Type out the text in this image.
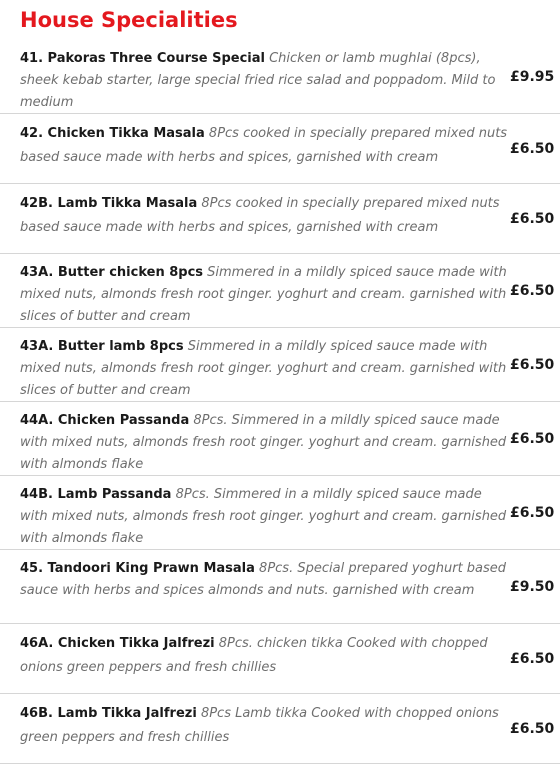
House Specialities
41. Pakoras Three Course Special Chicken or lamb mughlai (8pcs), sheek kebab starter, large special fried rice salad and poppadom. Mild to medium
£9.95
42. Chicken Tikka Masala 8Pcs cooked in specially prepared mixed nuts based sauce made with herbs and spices, garnished with cream
£6.50
42B. Lamb Tikka Masala 8Pcs cooked in specially prepared mixed nuts based sauce made with herbs and spices, garnished with cream
£6.50
43A. Butter chicken 8pcs Simmered in a mildly spiced sauce made with mixed nuts, almonds fresh root ginger. yoghurt and cream. garnished with slices of butter and cream
£6.50
43A. Butter lamb 8pcs Simmered in a mildly spiced sauce made with mixed nuts, almonds fresh root ginger. yoghurt and cream. garnished with slices of butter and cream
£6.50
44A. Chicken Passanda 8Pcs. Simmered in a mildly spiced sauce made with mixed nuts, almonds fresh root ginger. yoghurt and cream. garnished with almonds flake
£6.50
44B. Lamb Passanda 8Pcs. Simmered in a mildly spiced sauce made with mixed nuts, almonds fresh root ginger. yoghurt and cream. garnished with almonds flake
£6.50
45. Tandoori King Prawn Masala 8Pcs. Special prepared yoghurt based sauce with herbs and spices almonds and nuts. garnished with cream	£9.50
46A. Chicken Tikka Jalfrezi 8Pcs. chicken tikka Cooked with chopped onions green peppers and fresh chillies
£6.50
46B. Lamb Tikka Jalfrezi 8Pcs Lamb tikka Cooked with chopped onions green peppers and fresh chillies
£6.50
